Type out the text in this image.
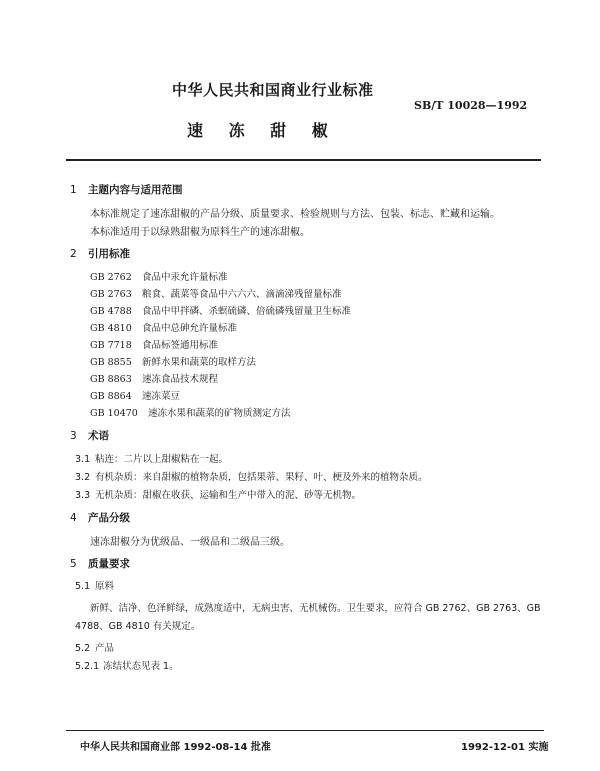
中华人民共和国商业行业标准
SB/T 10028—1992
速 冻 甜 椒
1 主题内容与适用范围
本标准规定了速冻甜椒的产品分级、质量要求、检验规则与方法、包装、标志、贮藏和运输。
本标准适用于以绿熟甜椒为原料生产的速冻甜椒。
2 引用标准
GB 2762 食品中汞允许量标准
GB 2763 粮食、蔬菜等食品中六六六、滴滴涕残留量标准
GB 4788 食品中甲拌磷、杀螟硫磷、倍硫磷残留量卫生标准
GB 4810 食品中总砷允许量标准
GB 7718 食品标签通用标准
GB 8855 新鲜水果和蔬菜的取样方法
GB 8863 速冻食品技术规程
GB 8864 速冻菜豆
GB 10470 速冻水果和蔬菜的矿物质测定方法
3 术语
3.1 粘连：二片以上甜椒粘在一起。
3.2 有机杂质：来自甜椒的植物杂质，包括果蒂、果籽、叶、梗及外来的植物杂质。
3.3 无机杂质：甜椒在收获、运输和生产中带入的泥、砂等无机物。
4 产品分级
速冻甜椒分为优级品、一级品和二级品三级。
5 质量要求
5.1 原料
新鲜、洁净、色泽鲜绿，成熟度适中，无病虫害、无机械伤。卫生要求，应符合 GB 2762、GB 2763、GB
4788、GB 4810 有关规定。
5.2 产品
5.2.1 冻结状态见表 1。
中华人民共和国商业部 1992-08-14 批准	1992-12-01 实施
